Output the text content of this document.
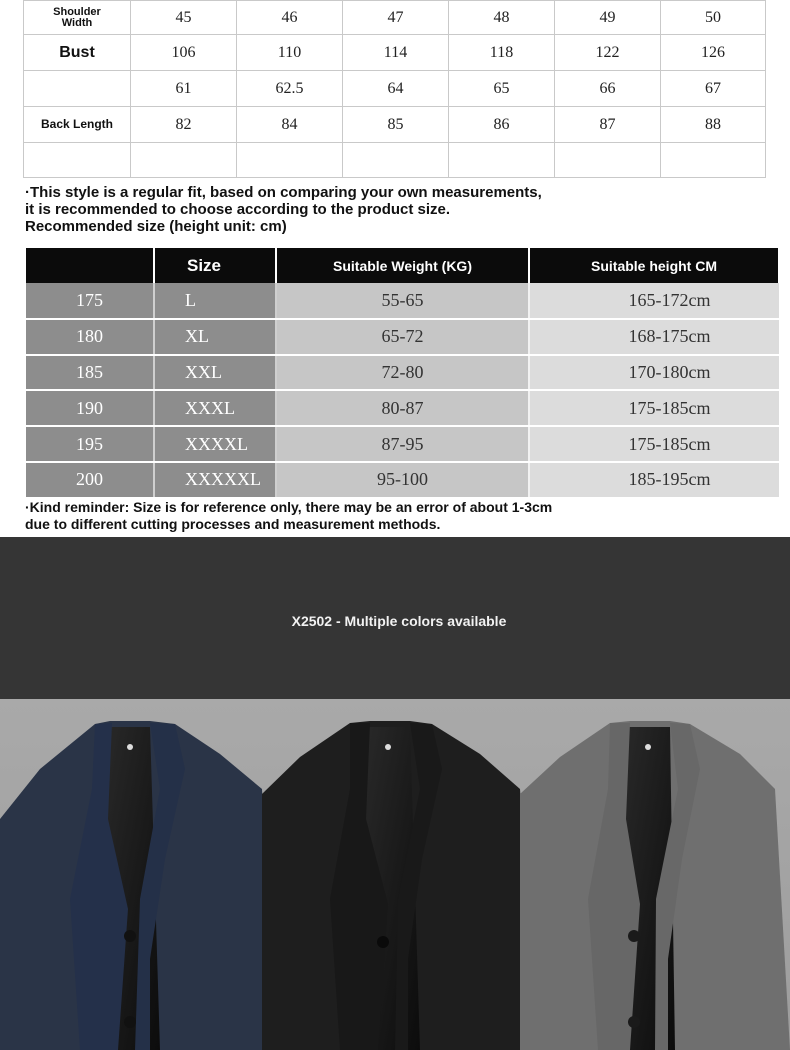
Shoulder Width	45	46	47	48	49	50
Bust	106	110	114	118	122	126
	61	62.5	64	65	66	67
Back Length	82	84	85	86	87	88

·This style is a regular fit, based on comparing your own measurements,
it is recommended to choose according to the product size.
Recommended size (height unit: cm)
	Size	Suitable Weight (KG)	Suitable height CM
175	L	55-65	165-172cm
180	XL	65-72	168-175cm
185	XXL	72-80	170-180cm
190	XXXL	80-87	175-185cm
195	XXXXL	87-95	175-185cm
200	XXXXXL	95-100	185-195cm
·Kind reminder: Size is for reference only, there may be an error of about 1-3cm
due to different cutting processes and measurement methods.
X2502 - Multiple colors available
